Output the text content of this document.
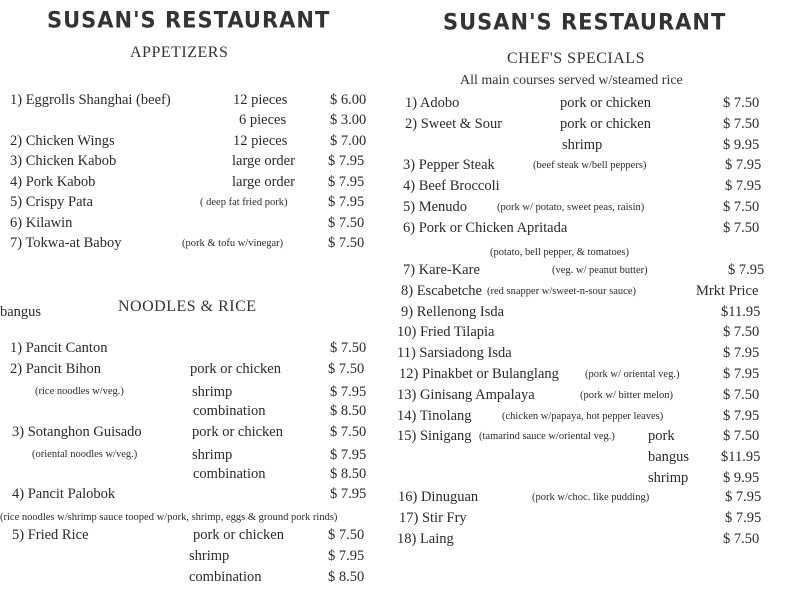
SUSAN'S RESTAURANT
APPETIZERS
NOODLES & RICE
SUSAN'S RESTAURANT
CHEF'S SPECIALS
All main courses served w/steamed rice
1) Eggrolls Shanghai (beef)	12 pieces	$ 6.00
6 pieces	$ 3.00
2) Chicken Wings	12 pieces	$ 7.00
3) Chicken Kabob	large order $ 7.95
4) Pork Kabob	large order $ 7.95
5) Crispy Pata	( deep fat fried pork)	$ 7.95
6) Kilawin	$ 7.50
7) Tokwa-at Baboy	(pork & tofu w/vinegar)	$ 7.50
1) Pancit Canton	$ 7.50
2) Pancit Bihon	pork or chicken	$ 7.50
(rice noodles w/veg.)	shrimp	$ 7.95
combination	$ 8.50
3) Sotanghon Guisado	pork or chicken	$ 7.50
(oriental noodles w/veg.)	shrimp	$ 7.95
combination	$ 8.50
4) Pancit Palobok	$ 7.95
(rice noodles w/shrimp sauce tooped w/pork, shrimp, eggs & ground pork rinds)
5) Fried Rice	pork or chicken	$ 7.50
shrimp	$ 7.95
combination	$ 8.50
1) Adobo	pork or chicken	$ 7.50
2) Sweet & Sour	pork or chicken	$ 7.50
shrimp	$ 9.95
3) Pepper Steak	(beef steak w/bell peppers)	$ 7.95
4) Beef Broccoli	$ 7.95
5) Menudo	(pork w/ potato, sweet peas, raisin)	$ 7.50
6) Pork or Chicken Apritada	$ 7.50
(potato, bell pepper, & tomatoes)
7) Kare-Kare	(veg. w/ peanut butter)	$ 7.95
8) Escabetche (red snapper w/sweet-n-sour sauce)	Mrkt Price
9) Rellenong Isda
bangus	$11.95
10) Fried Tilapia	$ 7.50
11) Sarsiadong Isda	$ 7.95
12) Pinakbet or Bulanglang (pork w/ oriental veg.)	$ 7.95
13) Ginisang Ampalaya	(pork w/ bitter melon)	$ 7.50
14) Tinolang	(chicken w/papaya, hot pepper leaves)	$ 7.95
15) Sinigang (tamarind sauce w/oriental veg.) pork	$ 7.50
bangus $11.95
shrimp $ 9.95
16) Dinuguan	(pork w/choc. like pudding)	$ 7.95
17) Stir Fry	$ 7.95
18) Laing	$ 7.50
